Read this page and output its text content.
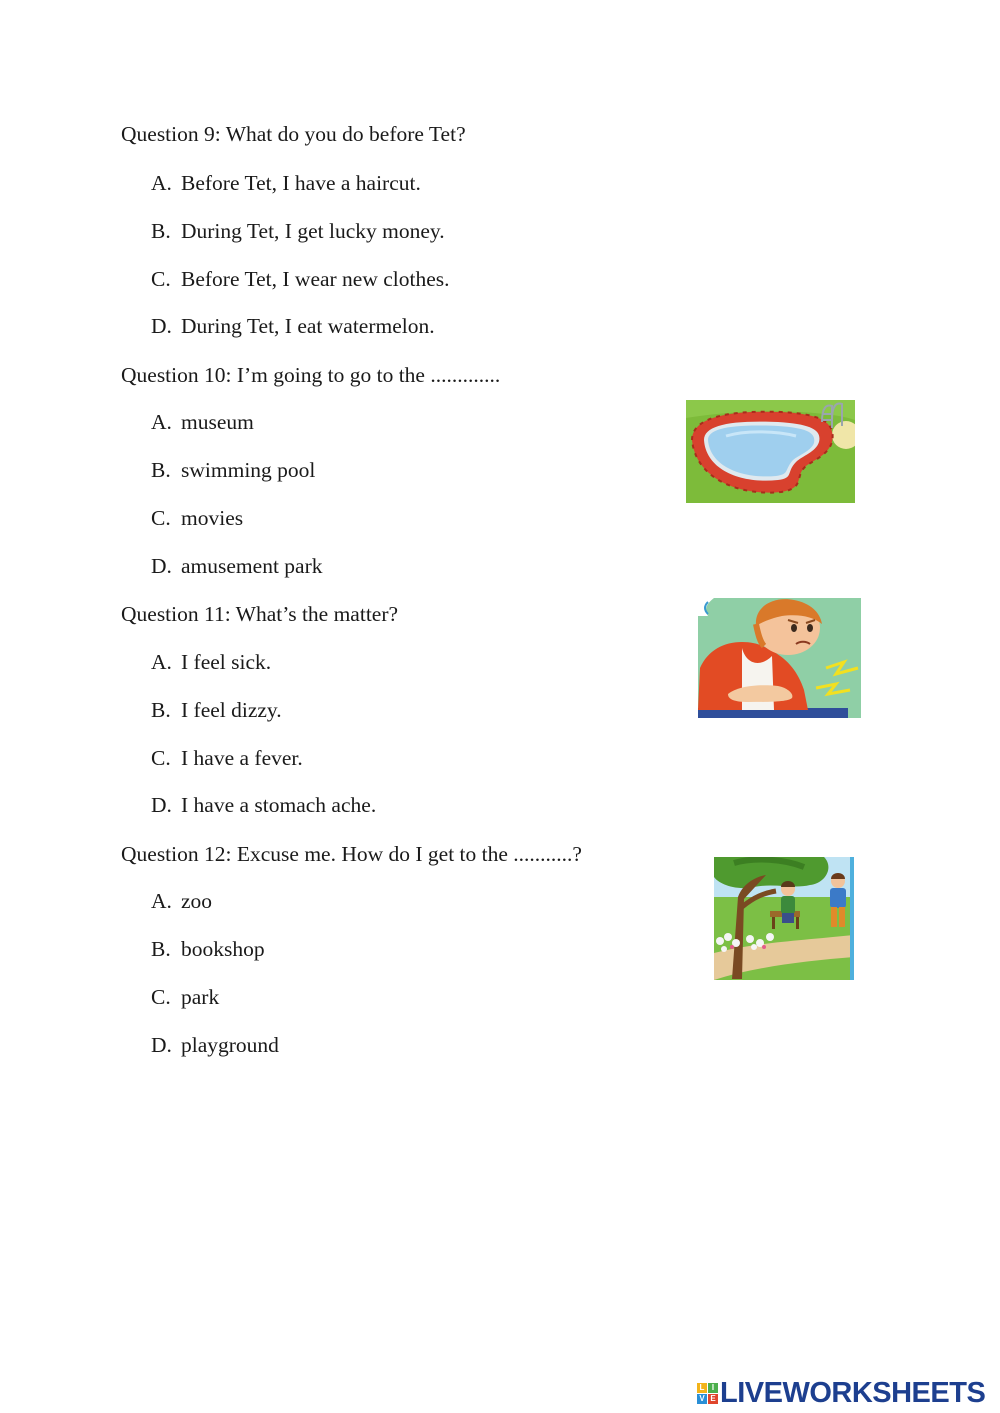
Question 9: What do you do before Tet?
A. Before Tet, I have a haircut.
B. During Tet, I get lucky money.
C. Before Tet, I wear new clothes.
D. During Tet, I eat watermelon.
Question 10: I’m going to go to the .............
A. museum
B. swimming pool
C. movies
D. amusement park
Question 11: What’s the matter?
A. I feel sick.
B. I feel dizzy.
C. I have a fever.
D. I have a stomach ache.
Question 12: Excuse me. How do I get to the ...........?
A. zoo
B. bookshop
C. park
D. playground
L I
V E LIVEWORKSHEETS
